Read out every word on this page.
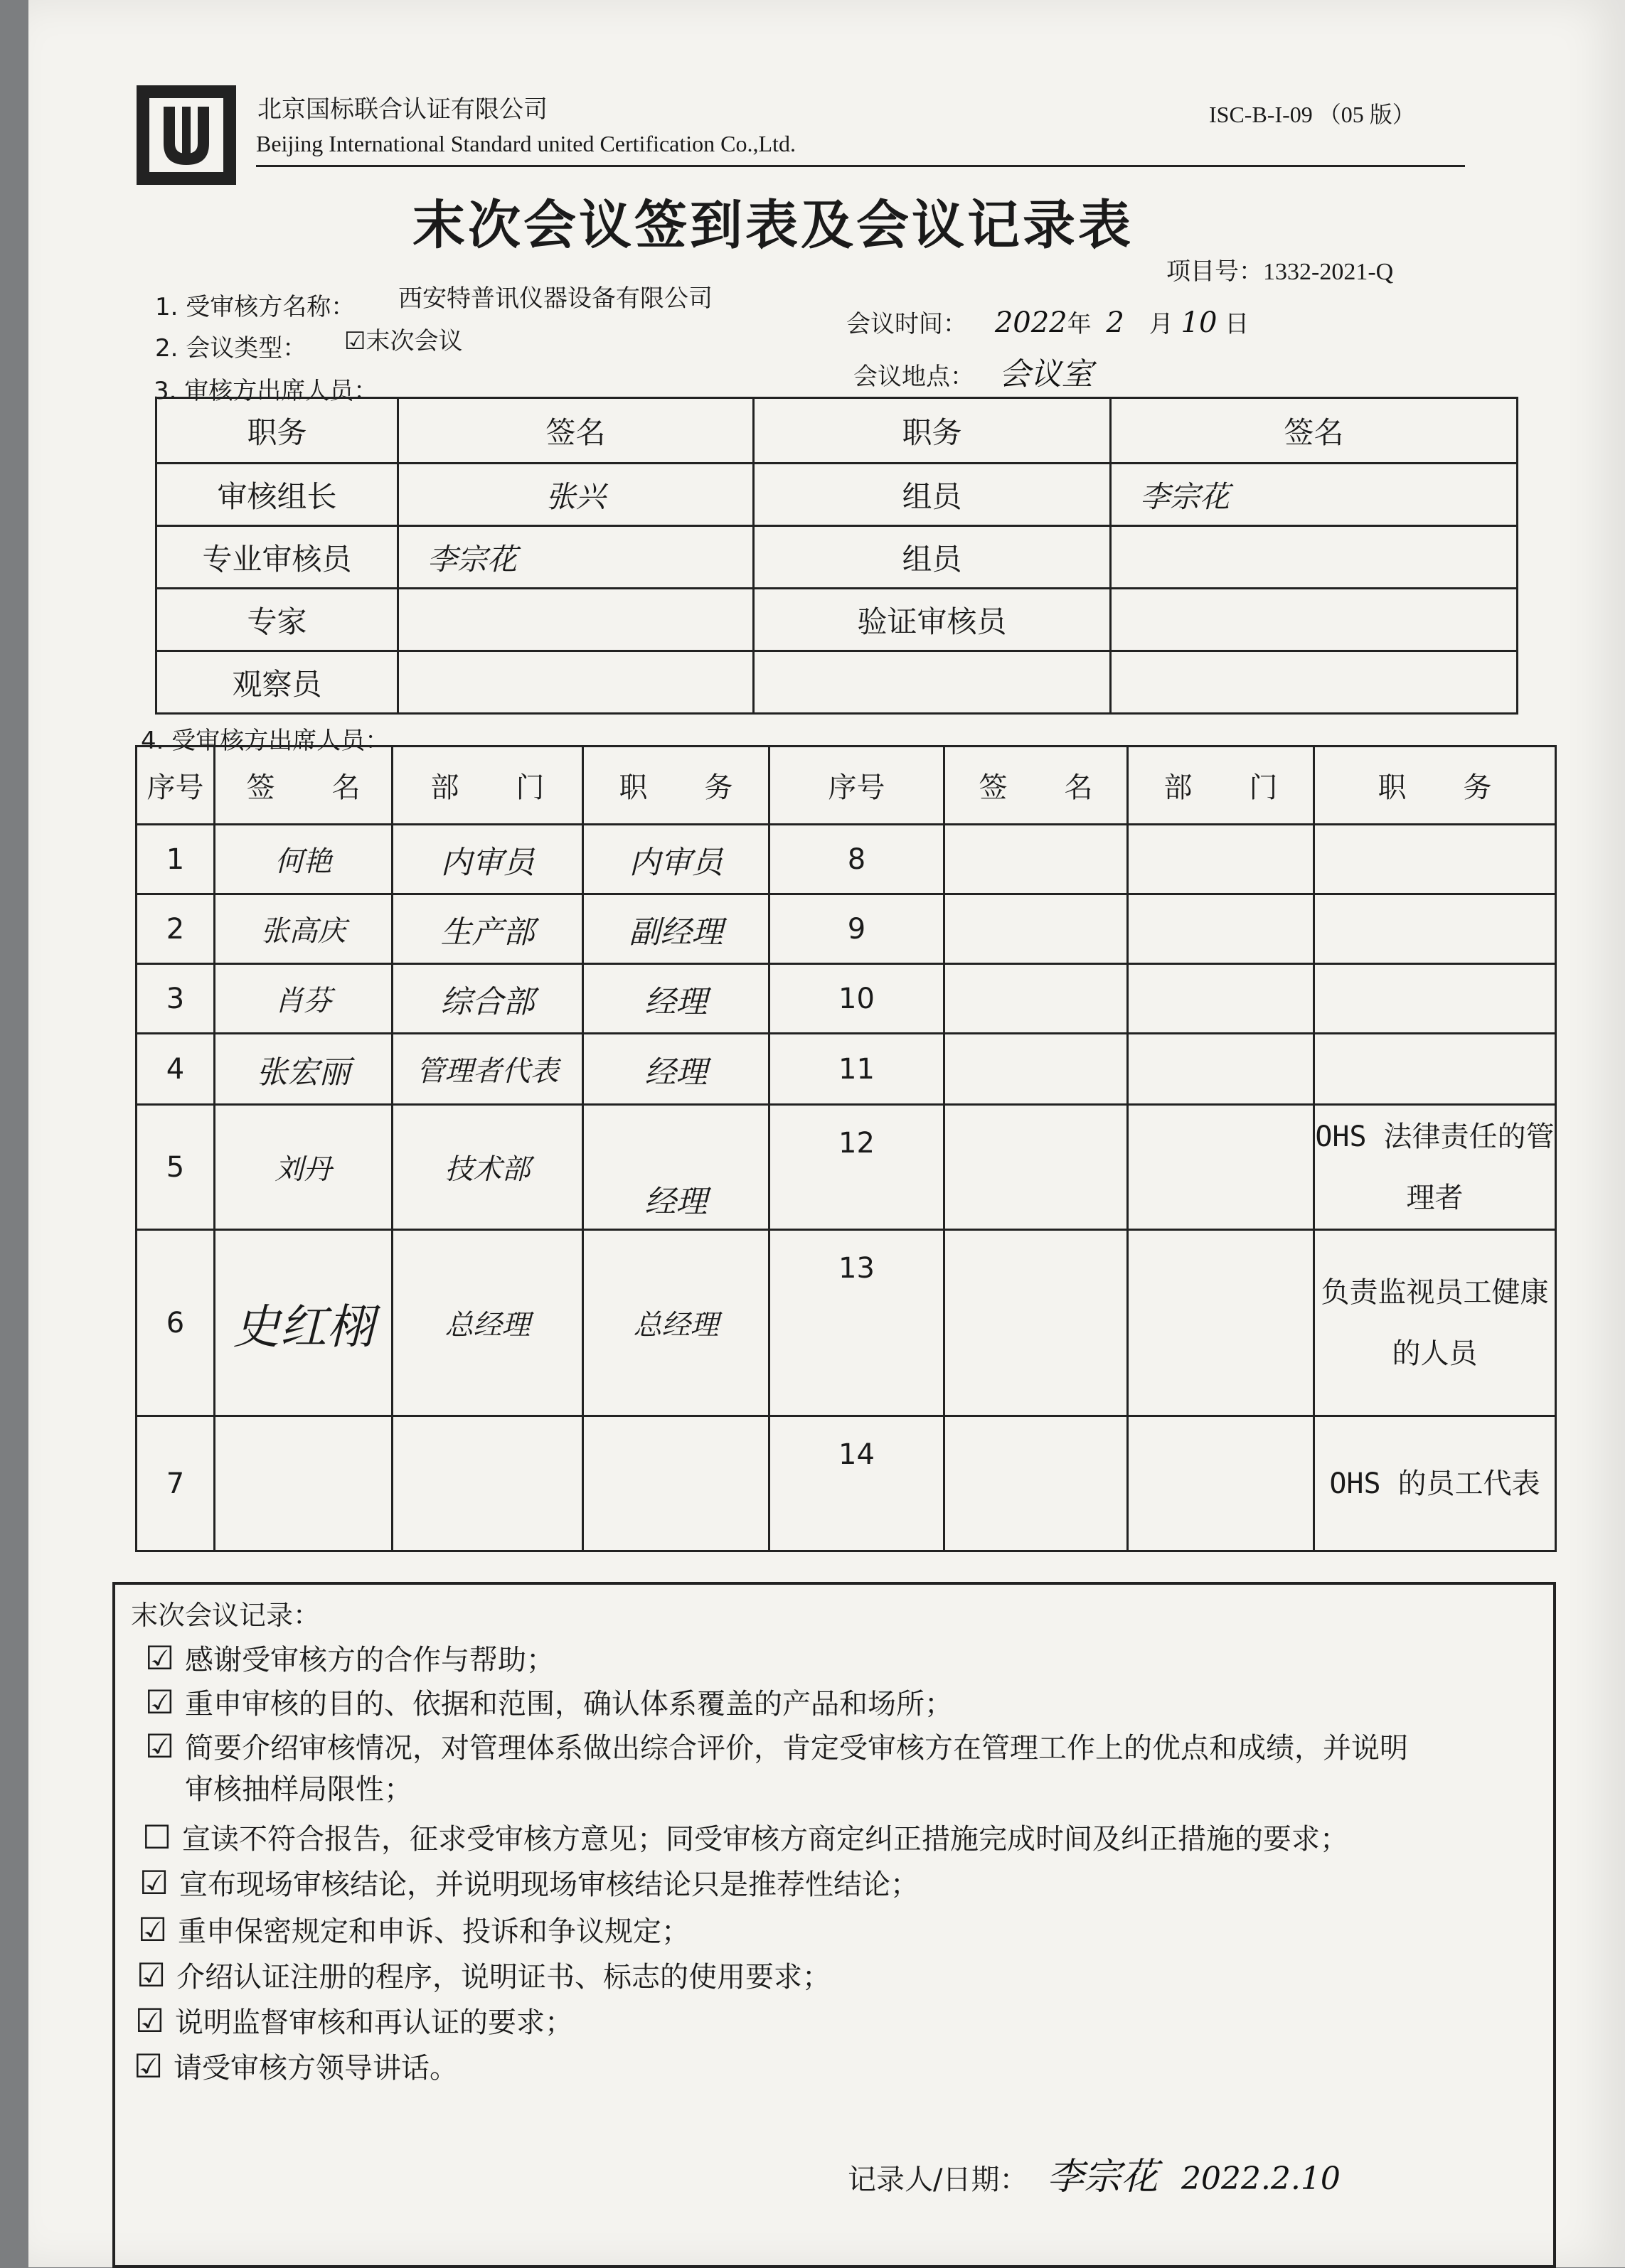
北京国标联合认证有限公司
Beijing International Standard united Certification Co.,Ltd.
ISC-B-I-09 （05 版）
末次会议签到表及会议记录表
项目号：1332-2021-Q
1. 受审核方名称： 西安特普讯仪器设备有限公司
2. 会议类型： ☑末次会议
会议时间： 2022年 2 月 10 日
会议地点： 会议室
3. 审核方出席人员：
职务	签名	职务	签名
审核组长	张兴	组员	李宗花
专业审核员	李宗花	组员	
专家		验证审核员	
观察员			
4. 受审核方出席人员：
序号	签　　名	部　　门	职　　务	序号	签　　名	部　　门	职　　务
1	何艳	内审员	内审员	8			
2	张高庆	生产部	副经理	9			
3	肖芬	综合部	经理	10			
4	张宏丽	管理者代表	经理	11			
5	刘丹	技术部	经理	12			OHS 法律责任的管理者
6	史红栩	总经理	总经理	13			负责监视员工健康的人员
7				14			OHS 的员工代表
末次会议记录：
☑ 感谢受审核方的合作与帮助；
☑ 重申审核的目的、依据和范围，确认体系覆盖的产品和场所；
☑ 简要介绍审核情况，对管理体系做出综合评价，肯定受审核方在管理工作上的优点和成绩，并说明
审核抽样局限性；
☐ 宣读不符合报告，征求受审核方意见；同受审核方商定纠正措施完成时间及纠正措施的要求；
☑ 宣布现场审核结论，并说明现场审核结论只是推荐性结论；
☑ 重申保密规定和申诉、投诉和争议规定；
☑ 介绍认证注册的程序，说明证书、标志的使用要求；
☑ 说明监督审核和再认证的要求；
☑ 请受审核方领导讲话。
记录人/日期： 李宗花 2022.2.10
